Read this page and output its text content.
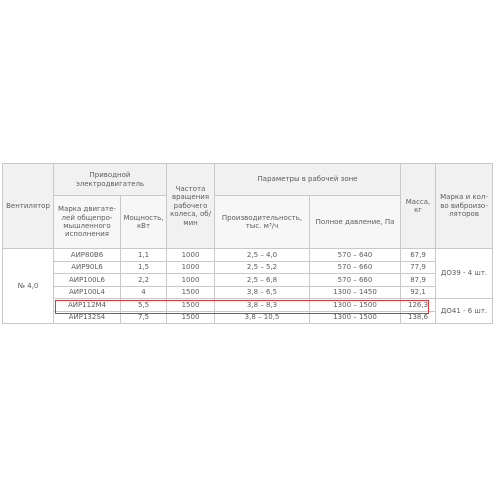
Вентилятор	Приводной электродвигатель		Частота вращения рабочего колеса, об/мин	Параметры в рабочей зоне		Масса, кг	Марка и кол-во виброизо-ляторов
	Марка двигате-лей общепро-мышленного исполнения	Мощность, кВт		Производительность, тыс. м³/ч	Полное давление, Па		
№ 4,0	АИР80В6	1,1	1000	2,5 – 4,0	570 – 640	67,9	ДО39 - 4 шт.
	АИР90L6	1,5	1000	2,5 – 5,2	570 – 660	77,9	
	АИР100L6	2,2	1000	2,5 – 6,8	570 – 660	87,9	
	АИР100L4	4	1500	3,8 – 6,5	1300 – 1450	92,1	
	АИР112М4	5,5	1500	3,8 – 8,3	1300 – 1500	126,3	ДО41 - 6 шт.
	АИР132S4	7,5	1500	3,8 – 10,5	1300 – 1500	138,6	
